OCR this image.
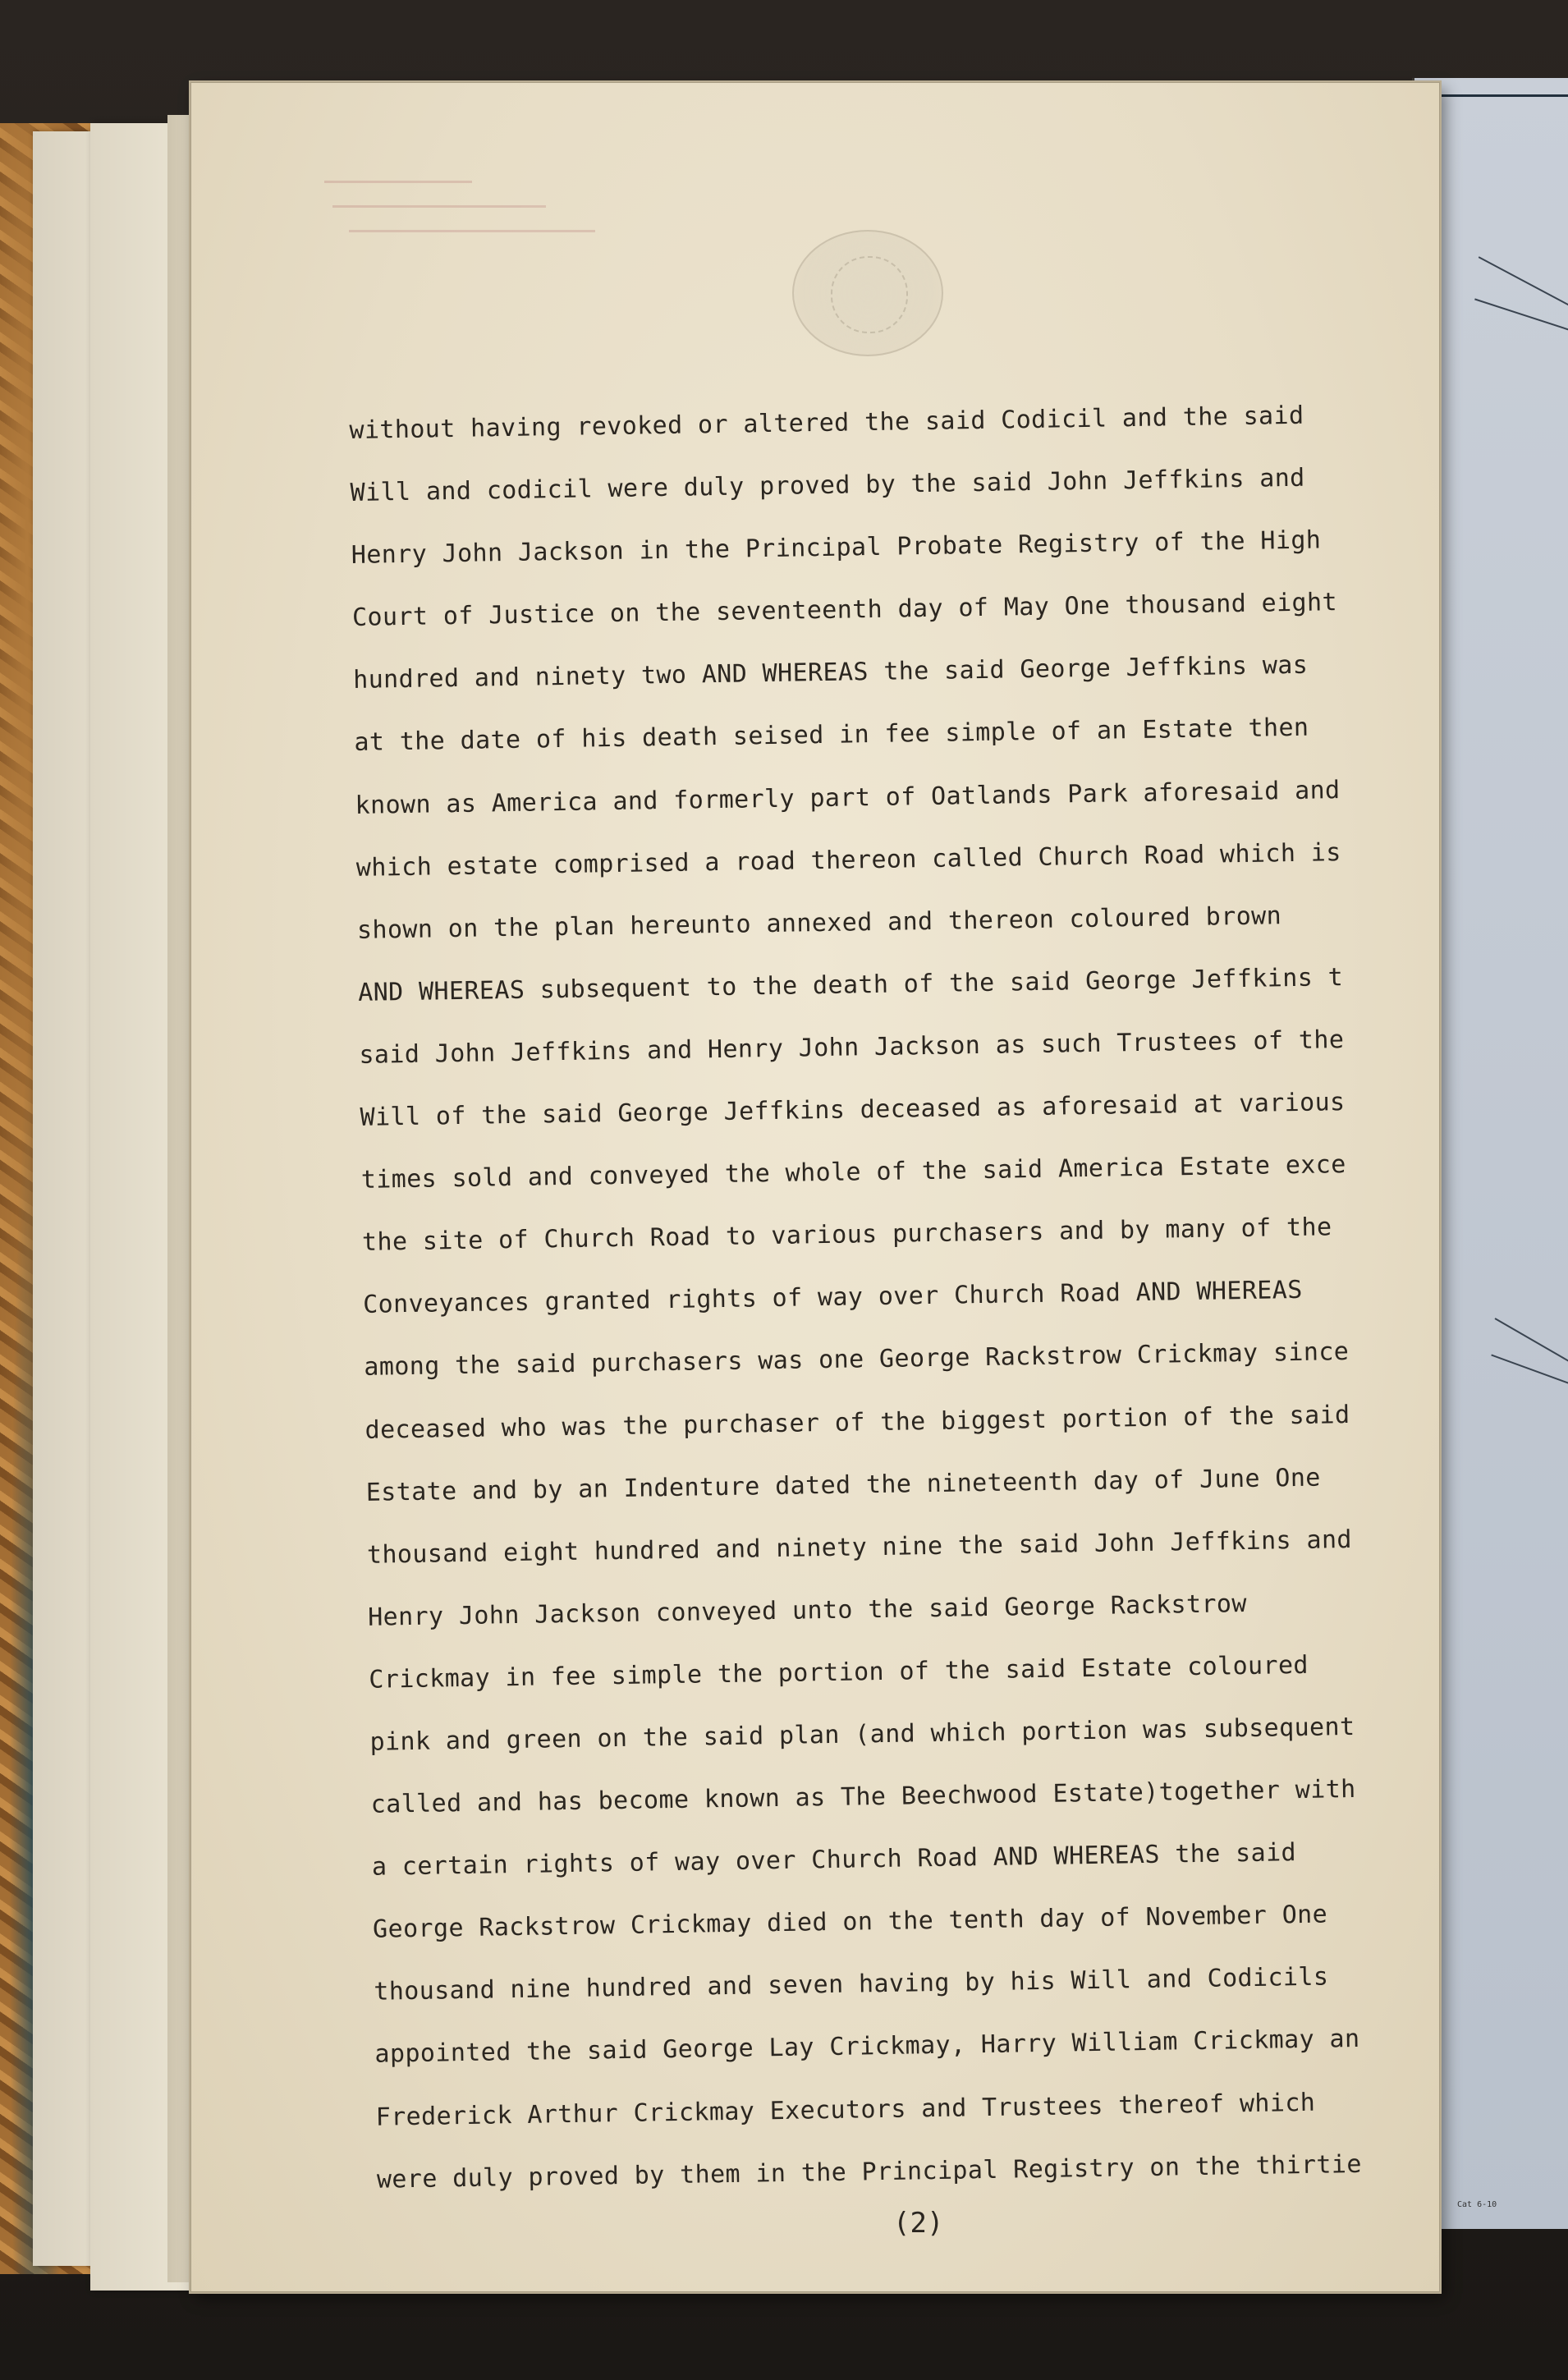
Cat 6-10
without having revoked or altered the said Codicil and the said
Will and codicil were duly proved by the said John Jeffkins and
Henry John Jackson in the Principal Probate Registry of the High
Court of Justice on the seventeenth day of May One thousand eight
hundred and ninety two AND WHEREAS the said George Jeffkins was
at the date of his death seised in fee simple of an Estate then
known as America and formerly part of Oatlands Park aforesaid and
which estate comprised a road thereon called Church Road which is
shown on the plan hereunto annexed and thereon coloured brown
AND WHEREAS subsequent to the death of the said George Jeffkins t
said John Jeffkins and Henry John Jackson as such Trustees of the
Will of the said George Jeffkins deceased as aforesaid at various
times sold and conveyed the whole of the said America Estate exce
the site of Church Road to various purchasers and by many of the
Conveyances granted rights of way over Church Road AND WHEREAS
among the said purchasers was one George Rackstrow Crickmay since
deceased who was the purchaser of the biggest portion of the said
Estate and by an Indenture dated the nineteenth day of June One
thousand eight hundred and ninety nine the said John Jeffkins and
Henry John Jackson conveyed unto the said George Rackstrow
Crickmay in fee simple the portion of the said Estate coloured
pink and green on the said plan (and which portion was subsequent
called and has become known as The Beechwood Estate)together with
a certain rights of way over Church Road AND WHEREAS the said
George Rackstrow Crickmay died on the tenth day of November One
thousand nine hundred and seven having by his Will and Codicils
appointed the said George Lay Crickmay, Harry William Crickmay an
Frederick Arthur Crickmay Executors and Trustees thereof which
were duly proved by them in the Principal Registry on the thirtie
(2)
